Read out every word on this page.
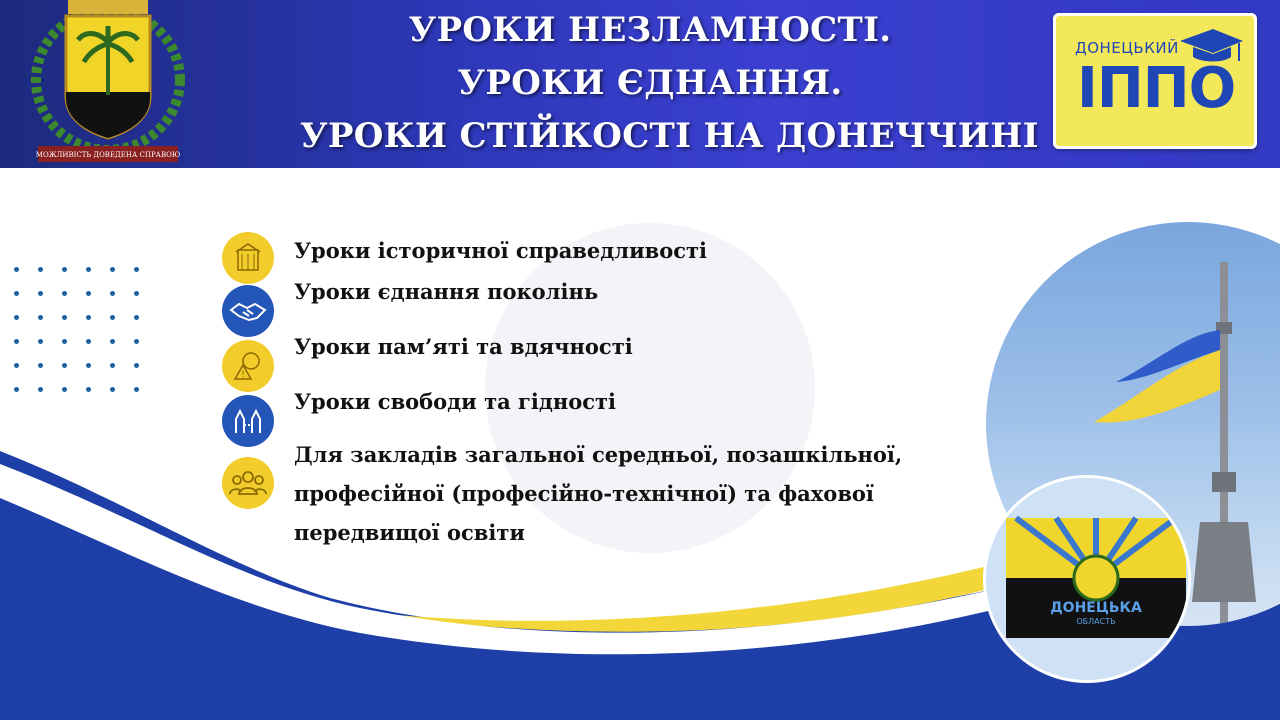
МОЖЛИВІСТЬ ДОВЕДЕНА СПРАВОЮ
УРОКИ НЕЗЛАМНОСТІ.
УРОКИ ЄДНАННЯ.
УРОКИ СТІЙКОСТІ НА ДОНЕЧЧИНІ
ДОНЕЦЬКИЙ
ІППО
ДОНЕЦЬКА
ОБЛАСТЬ
Уроки історичної справедливості
Уроки єднання поколінь
!
Уроки пам’яті та вдячності
Уроки свободи та гідності
Для закладів загальної середньої, позашкільної,
професійної (професійно-технічної) та фахової
передвищої освіти
